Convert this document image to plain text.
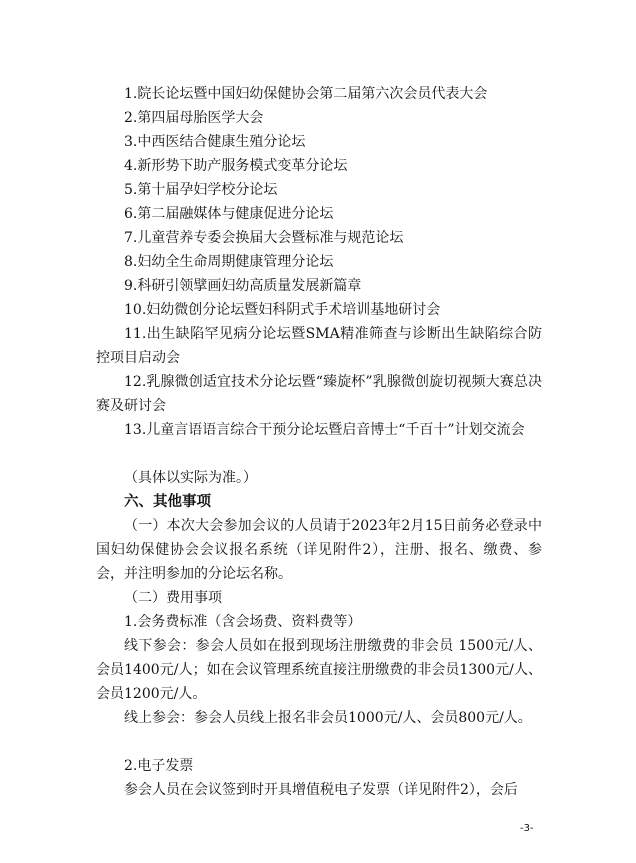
1.院长论坛暨中国妇幼保健协会第二届第六次会员代表大会
2.第四届母胎医学大会
3.中西医结合健康生殖分论坛
4.新形势下助产服务模式变革分论坛
5.第十届孕妇学校分论坛
6.第二届融媒体与健康促进分论坛
7.儿童营养专委会换届大会暨标准与规范论坛
8.妇幼全生命周期健康管理分论坛
9.科研引领擘画妇幼高质量发展新篇章
10.妇幼微创分论坛暨妇科阴式手术培训基地研讨会
11.出生缺陷罕见病分论坛暨SMA精准筛查与诊断出生缺陷综合防控项目启动会
12.乳腺微创适宜技术分论坛暨“臻旋杯”乳腺微创旋切视频大赛总决赛及研讨会
13.儿童言语语言综合干预分论坛暨启音博士“千百十”计划交流会
（具体以实际为准。）
六、其他事项
（一）本次大会参加会议的人员请于2023年2月15日前务必登录中国妇幼保健协会会议报名系统（详见附件2），注册、报名、缴费、参会，并注明参加的分论坛名称。
（二）费用事项
1.会务费标准（含会场费、资料费等）
线下参会：参会人员如在报到现场注册缴费的非会员 1500元/人、会员1400元/人；如在会议管理系统直接注册缴费的非会员1300元/人、会员1200元/人。
线上参会：参会人员线上报名非会员1000元/人、会员800元/人。
2.电子发票
参会人员在会议签到时开具增值税电子发票（详见附件2），会后
-3-
